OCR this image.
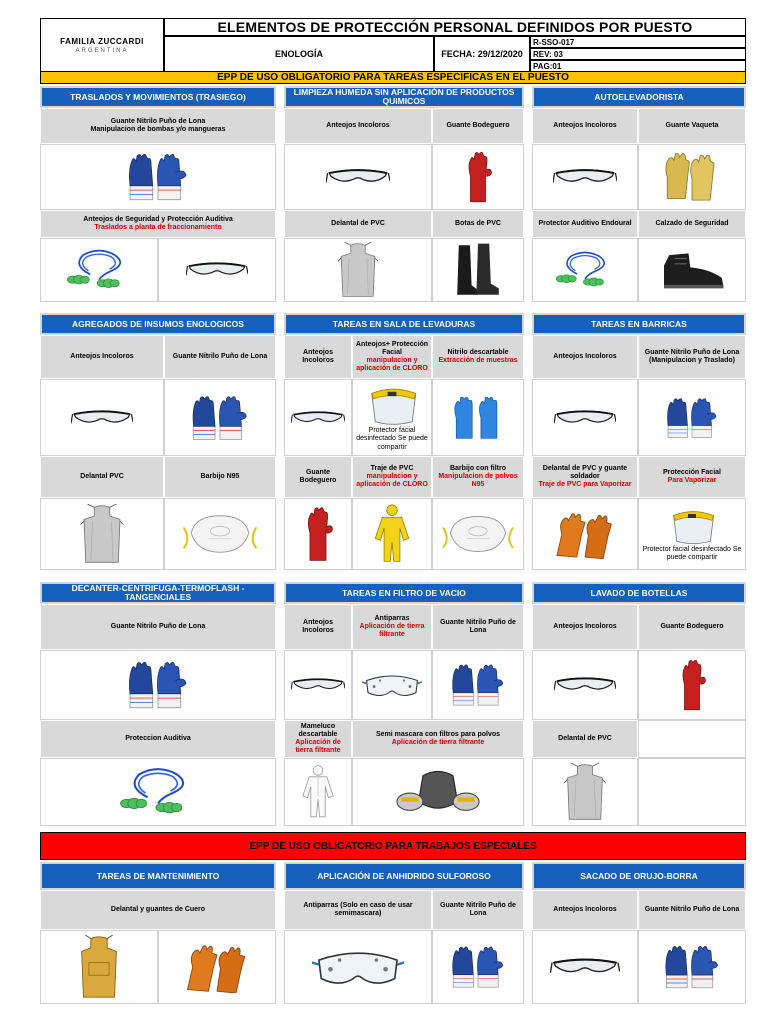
ELEMENTOS DE PROTECCIÓN PERSONAL DEFINIDOS POR PUESTO
FAMILIA ZUCCARDI
ARGENTINA	ENOLOGÍA	FECHA: 29/12/2020
R-SSO-017
REV: 03
PAG:01
EPP DE USO OBLIGATORIO PARA TAREAS ESPECÍFICAS EN EL PUESTO
TRASLADOS Y MOVIMIENTOS (TRASIEGO)
Guante Nitrilo Puño de Lona
Manipulacion de bombas y/o mangueras
Anteojos de Seguridad y Protección Auditiva
Traslados a planta de fraccionamiento
LIMPIEZA HUMEDA SIN APLICACIÓN DE PRODUCTOS QUIMICOS
Anteojos Incoloros	Guante Bodeguero
Delantal de PVC	Botas de PVC
AUTOELEVADORISTA
Anteojos Incoloros	Guante Vaqueta
Protector Auditivo Endoural	Calzado de Seguridad
AGREGADOS DE INSUMOS ENOLOGICOS
Anteojos Incoloros	Guante Nitrilo Puño de Lona
Delantal PVC	Barbijo N95
TAREAS EN SALA DE LEVADURAS
Anteojos Incoloros
Anteojos+ Protección Facial
manipulacion y aplicación de CLORO
Nitrilo descartable
Extracción de muestras
Protector facial desinfectado Se puede compartir
Guante Bodeguero
Traje de PVC
manipulacion y aplicación de CLORO
Barbijo con filtro
Manipulacion de polvos N95
TAREAS EN BARRICAS
Anteojos Incoloros
Guante Nitrilo Puño de Lona (Manipulacion y Traslado)
Delantal de PVC y guante soldador
Traje de PVC para Vaporizar
Protección Facial
Para Vaporizar
Protector facial desinfectado Se puede compartir
DECANTER-CENTRIFUGA-TERMOFLASH - TANGENCIALES
Guante Nitrilo Puño de Lona
Proteccion Auditiva
TAREAS EN FILTRO DE VACIO
Anteojos Incoloros
Antiparras
Aplicación de tierra filtrante
Guante Nitrilo Puño de Lona
Mameluco descartable
Aplicación de tierra filtrante
Semi mascara con filtros para polvos
Aplicación de tierra filtrante
LAVADO DE BOTELLAS
Anteojos Incoloros	Guante Bodeguero
Delantal de PVC
EPP DE USO OBLIGATORIO PARA TRABAJOS ESPECIALES
TAREAS DE MANTENIMIENTO
Delantal y guantes de Cuero
APLICACIÓN DE ANHIDRIDO SULFOROSO
Antiparras (Solo en caso de usar semimascara)
Guante Nitrilo Puño de Lona
SACADO DE ORUJO-BORRA
Anteojos Incoloros	Guante Nitrilo Puño de Lona
